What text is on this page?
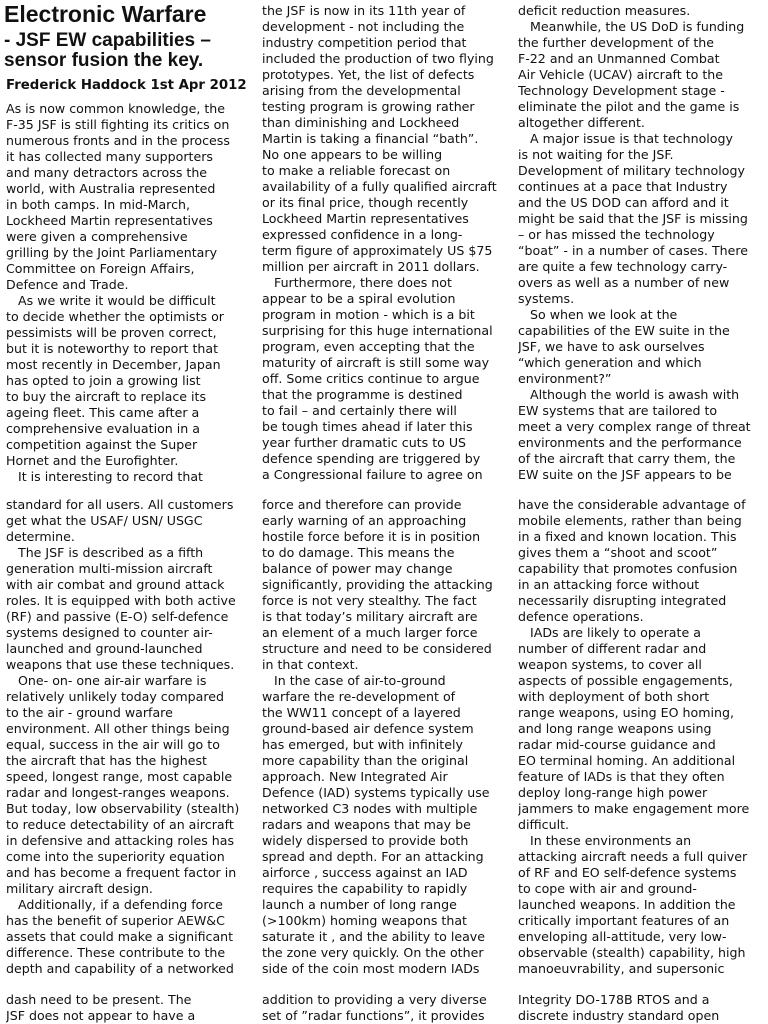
Electronic Warfare
- JSF EW capabilities –
sensor fusion the key.
Frederick Haddock 1st Apr 2012
As is now common knowledge, the
F-35 JSF is still fighting its critics on
numerous fronts and in the process
it has collected many supporters
and many detractors across the
world, with Australia represented
in both camps. In mid-March,
Lockheed Martin representatives
were given a comprehensive
grilling by the Joint Parliamentary
Committee on Foreign Affairs,
Defence and Trade.
As we write it would be difficult
to decide whether the optimists or
pessimists will be proven correct,
but it is noteworthy to report that
most recently in December, Japan
has opted to join a growing list
to buy the aircraft to replace its
ageing fleet. This came after a
comprehensive evaluation in a
competition against the Super
Hornet and the Eurofighter.
It is interesting to record that
the JSF is now in its 11th year of
development - not including the
industry competition period that
included the production of two flying
prototypes. Yet, the list of defects
arising from the developmental
testing program is growing rather
than diminishing and Lockheed
Martin is taking a financial “bath”.
No one appears to be willing
to make a reliable forecast on
availability of a fully qualified aircraft
or its final price, though recently
Lockheed Martin representatives
expressed confidence in a long-
term figure of approximately US $75
million per aircraft in 2011 dollars.
Furthermore, there does not
appear to be a spiral evolution
program in motion - which is a bit
surprising for this huge international
program, even accepting that the
maturity of aircraft is still some way
off. Some critics continue to argue
that the programme is destined
to fail – and certainly there will
be tough times ahead if later this
year further dramatic cuts to US
defence spending are triggered by
a Congressional failure to agree on
deficit reduction measures.
Meanwhile, the US DoD is funding
the further development of the
F-22 and an Unmanned Combat
Air Vehicle (UCAV) aircraft to the
Technology Development stage -
eliminate the pilot and the game is
altogether different.
A major issue is that technology
is not waiting for the JSF.
Development of military technology
continues at a pace that Industry
and the US DOD can afford and it
might be said that the JSF is missing
– or has missed the technology
“boat” - in a number of cases. There
are quite a few technology carry-
overs as well as a number of new
systems.
So when we look at the
capabilities of the EW suite in the
JSF, we have to ask ourselves
“which generation and which
environment?”
Although the world is awash with
EW systems that are tailored to
meet a very complex range of threat
environments and the performance
of the aircraft that carry them, the
EW suite on the JSF appears to be
standard for all users. All customers
get what the USAF/ USN/ USGC
determine.
The JSF is described as a fifth
generation multi-mission aircraft
with air combat and ground attack
roles. It is equipped with both active
(RF) and passive (E-O) self-defence
systems designed to counter air-
launched and ground-launched
weapons that use these techniques.
One- on- one air-air warfare is
relatively unlikely today compared
to the air - ground warfare
environment. All other things being
equal, success in the air will go to
the aircraft that has the highest
speed, longest range, most capable
radar and longest-ranges weapons.
But today, low observability (stealth)
to reduce detectability of an aircraft
in defensive and attacking roles has
come into the superiority equation
and has become a frequent factor in
military aircraft design.
Additionally, if a defending force
has the benefit of superior AEW&C
assets that could make a significant
difference. These contribute to the
depth and capability of a networked
force and therefore can provide
early warning of an approaching
hostile force before it is in position
to do damage. This means the
balance of power may change
significantly, providing the attacking
force is not very stealthy. The fact
is that today’s military aircraft are
an element of a much larger force
structure and need to be considered
in that context.
In the case of air-to-ground
warfare the re-development of
the WW11 concept of a layered
ground-based air defence system
has emerged, but with infinitely
more capability than the original
approach. New Integrated Air
Defence (IAD) systems typically use
networked C3 nodes with multiple
radars and weapons that may be
widely dispersed to provide both
spread and depth. For an attacking
airforce , success against an IAD
requires the capability to rapidly
launch a number of long range
(>100km) homing weapons that
saturate it , and the ability to leave
the zone very quickly. On the other
side of the coin most modern IADs
have the considerable advantage of
mobile elements, rather than being
in a fixed and known location. This
gives them a “shoot and scoot”
capability that promotes confusion
in an attacking force without
necessarily disrupting integrated
defence operations.
IADs are likely to operate a
number of different radar and
weapon systems, to cover all
aspects of possible engagements,
with deployment of both short
range weapons, using EO homing,
and long range weapons using
radar mid-course guidance and
EO terminal homing. An additional
feature of IADs is that they often
deploy long-range high power
jammers to make engagement more
difficult.
In these environments an
attacking aircraft needs a full quiver
of RF and EO self-defence systems
to cope with air and ground-
launched weapons. In addition the
critically important features of an
enveloping all-attitude, very low-
observable (stealth) capability, high
manoeuvrability, and supersonic
dash need to be present. The
JSF does not appear to have a
addition to providing a very diverse
set of ”radar functions”, it provides
Integrity DO-178B RTOS and a
discrete industry standard open
